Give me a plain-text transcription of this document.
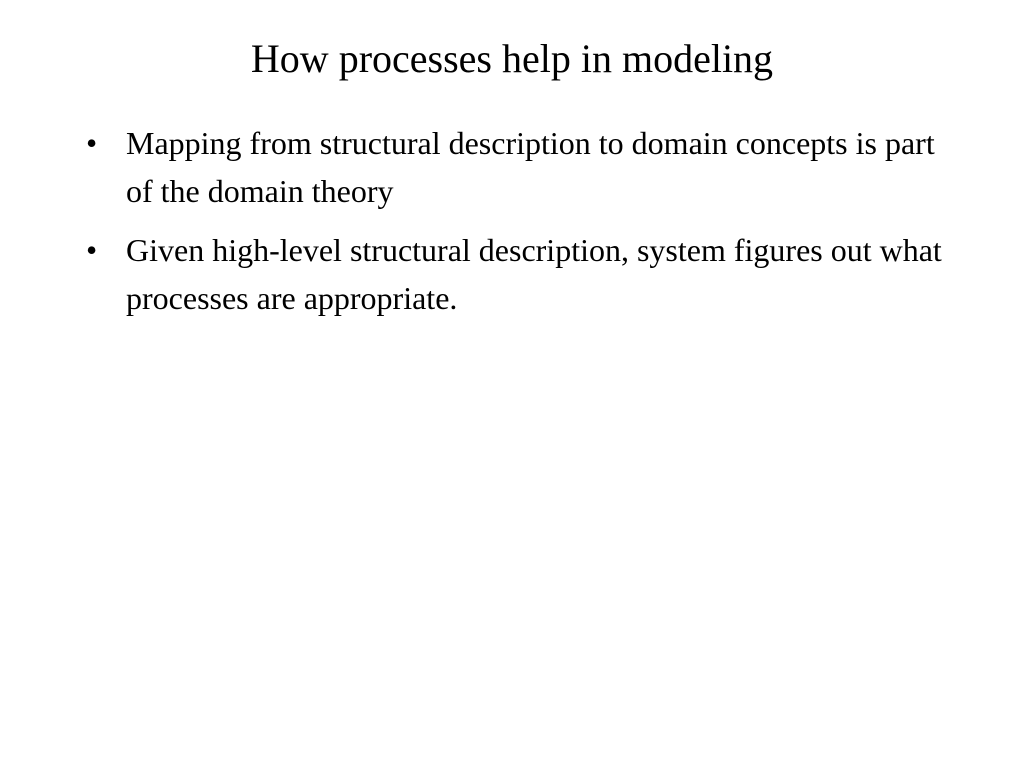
How processes help in modeling
• Mapping from structural description to domain concepts is part of the domain theory
• Given high-level structural description, system figures out what processes are appropriate.
